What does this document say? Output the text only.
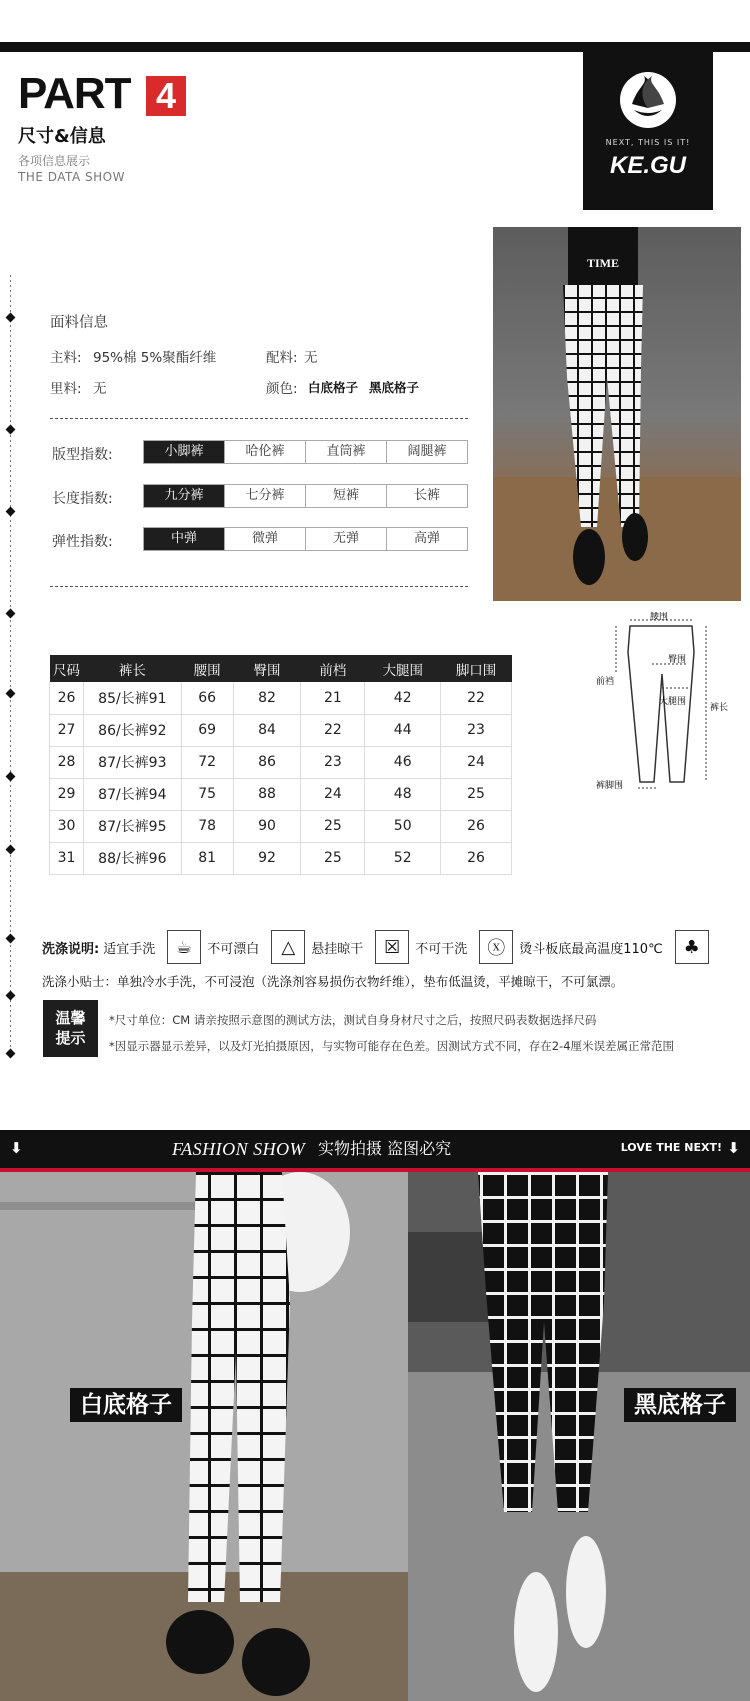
PART 4
尺寸&信息
各项信息展示
THE DATA SHOW
NEXT, THIS IS IT!
KE.GU
TIME
面料信息
主料: 95%棉 5%聚酯纤维	配料: 无
里料: 无	颜色: 白底格子 黑底格子
版型指数:	小脚裤	哈伦裤	直筒裤	阔腿裤
长度指数:	九分裤	七分裤	短裤	长裤
弹性指数:	中弹	微弹	无弹	高弹
尺码	裤长	腰围	臀围	前档	大腿围	脚口围
26	85/长裤91	66	82	21	42	22
27	86/长裤92	69	84	22	44	23
28	87/长裤93	72	86	23	46	24
29	87/长裤94	75	88	24	48	25
30	87/长裤95	78	90	25	50	26
31	88/长裤96	81	92	25	52	26
腰围
臀围
前裆
大腿围
裤长
裤脚围
洗涤说明: 适宜手洗	☕	不可漂白	△	悬挂晾干	☒	不可干洗	ⓧ	烫斗板底最高温度110℃	♣
洗涤小贴士：单独冷水手洗，不可浸泡（洗涤剂容易损伤衣物纤维），垫布低温烫，平摊晾干，不可氯漂。
温馨
提示
*尺寸单位：CM 请亲按照示意图的测试方法，测试自身身材尺寸之后，按照尺码表数据选择尺码
*因显示器显示差异，以及灯光拍摄原因，与实物可能存在色差。因测试方式不同，存在2-4厘米误差属正常范围
⬇	FASHION SHOW 实物拍摄 盗图必究	LOVE THE NEXT! ⬇
白底格子	黑底格子
